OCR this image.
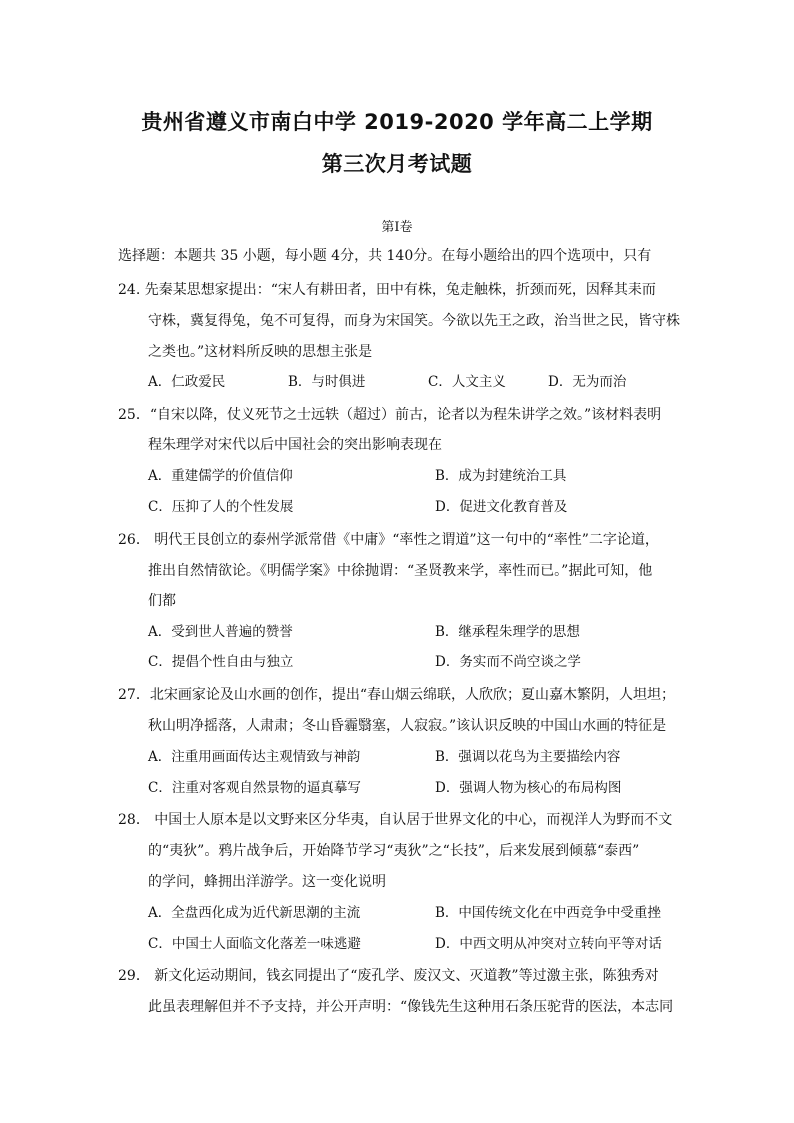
贵州省遵义市南白中学 2019-2020 学年高二上学期
第三次月考试题
第Ⅰ卷
选择题：本题共 35 小题，每小题 4分，共 140分。在每小题给出的四个选项中，只有
24. 先秦某思想家提出：“宋人有耕田者，田中有株，兔走触株，折颈而死，因释其耒而
守株，冀复得兔，兔不可复得，而身为宋国笑。今欲以先王之政，治当世之民，皆守株
之类也。”这材料所反映的思想主张是
A．仁政爱民	B．与时俱进	C．人文主义	D．无为而治
25．“自宋以降，仗义死节之士远轶（超过）前古，论者以为程朱讲学之效。”该材料表明
程朱理学对宋代以后中国社会的突出影响表现在
A．重建儒学的价值信仰	B．成为封建统治工具
C．压抑了人的个性发展	D．促进文化教育普及
26． 明代王艮创立的泰州学派常借《中庸》“率性之谓道”这一句中的“率性”二字论道，
推出自然情欲论。《明儒学案》中徐抛谓：“圣贤教来学，率性而已。”据此可知，他
们都
A．受到世人普遍的赞誉	B．继承程朱理学的思想
C．提倡个性自由与独立	D．务实而不尚空谈之学
27．北宋画家论及山水画的创作，提出“春山烟云绵联，人欣欣；夏山嘉木繁阴，人坦坦；
秋山明净摇落，人肃肃；冬山昏霾翳塞，人寂寂。”该认识反映的中国山水画的特征是
A．注重用画面传达主观情致与神韵	B．强调以花鸟为主要描绘内容
C．注重对客观自然景物的逼真摹写	D．强调人物为核心的布局构图
28． 中国士人原本是以文野来区分华夷，自认居于世界文化的中心，而视洋人为野而不文
的“夷狄”。鸦片战争后，开始降节学习“夷狄”之“长技”，后来发展到倾慕“泰西”
的学问，蜂拥出洋游学。这一变化说明
A．全盘西化成为近代新思潮的主流	B．中国传统文化在中西竞争中受重挫
C．中国士人面临文化落差一味逃避	D．中西文明从冲突对立转向平等对话
29． 新文化运动期间，钱玄同提出了“废孔学、废汉文、灭道教”等过激主张，陈独秀对
此虽表理解但并不予支持，并公开声明：“像钱先生这种用石条压驼背的医法，本志同
